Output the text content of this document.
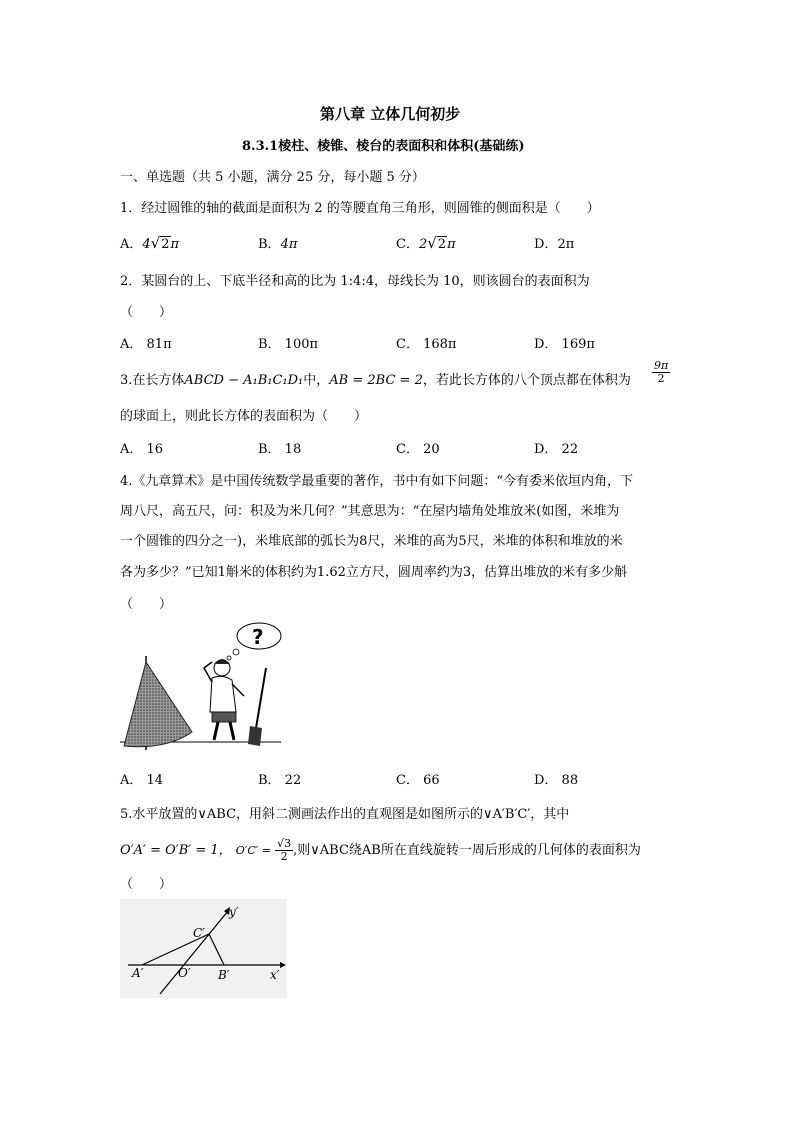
第八章 立体几何初步
8.3.1棱柱、棱锥、棱台的表面积和体积(基础练)
一、单选题（共 5 小题，满分 25 分，每小题 5 分）
1．经过圆锥的轴的截面是面积为 2 的等腰直角三角形，则圆锥的侧面积是（　　）
A．4√2π	B．4π	C．2√2π	D．2π
2．某圆台的上、下底半径和高的比为 1:4:4，母线长为 10，则该圆台的表面积为
（　　）
A． 81π	B． 100π	C． 168π	D． 169π
3.在长方体ABCD − A₁B₁C₁D₁中，AB = 2BC = 2，若此长方体的八个顶点都在体积为 $\frac{9\pi}{2}$
的球面上，则此长方体的表面积为（　　）
A． 16	B． 18	C． 20	D． 22
4.《九章算术》是中国传统数学最重要的著作，书中有如下问题：“今有委米依垣内角，下
周八尺，高五尺，问：积及为米几何？”其意思为：“在屋内墙角处堆放米(如图，米堆为
一个圆锥的四分之一)，米堆底部的弧长为8尺，米堆的高为5尺，米堆的体积和堆放的米
各为多少？”已知1斛米的体积约为1.62立方尺，圆周率约为3，估算出堆放的米有多少斛
（　　）
?
A． 14	B． 22	C． 66	D． 88
5.水平放置的∨ABC，用斜二测画法作出的直观图是如图所示的∨A′B′C′，其中
O′A′ = O′B′ = 1， $O'C' = \frac{√3}{2}$ ,则∨ABC绕AB所在直线旋转一周后形成的几何体的表面积为
（　　）
y′
x′
C′
A′	O′ B′
